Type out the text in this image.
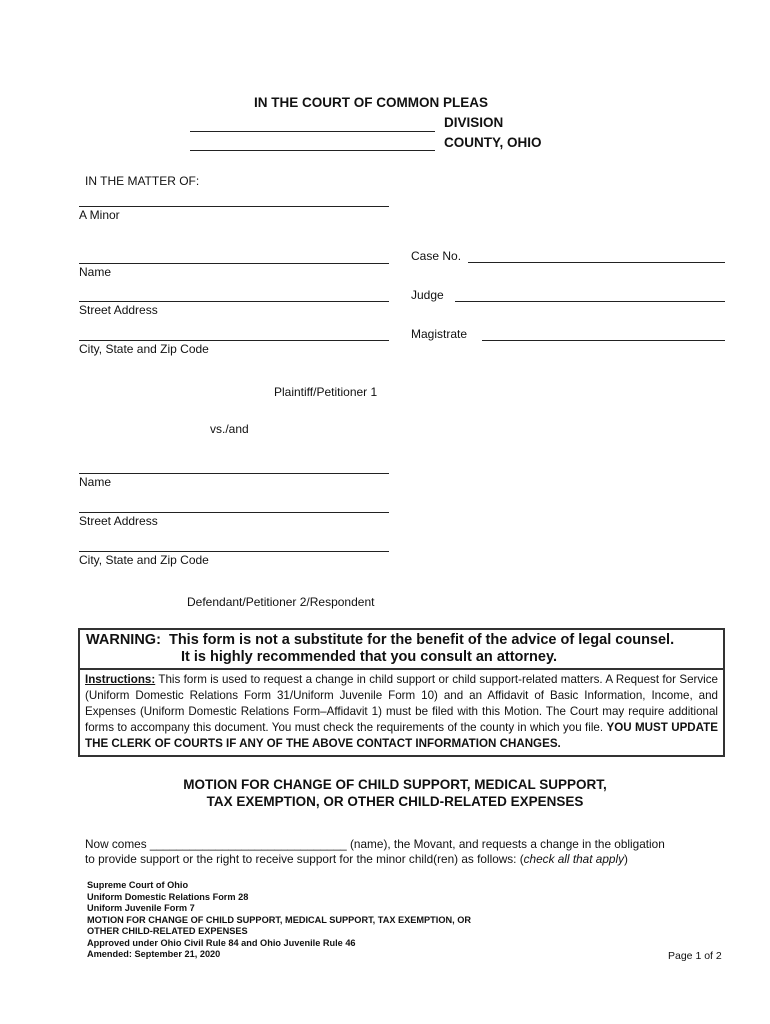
IN THE COURT OF COMMON PLEAS
DIVISION
COUNTY, OHIO
IN THE MATTER OF:
A Minor
Name
Street Address
City, State and Zip Code
Plaintiff/Petitioner 1
Case No.
Judge
Magistrate
vs./and
Name
Street Address
City, State and Zip Code
Defendant/Petitioner 2/Respondent
WARNING:  This form is not a substitute for the benefit of the advice of legal counsel.
It is highly recommended that you consult an attorney.
Instructions: This form is used to request a change in child support or child support-related matters. A Request for Service (Uniform Domestic Relations Form 31/Uniform Juvenile Form 10) and an Affidavit of Basic Information, Income, and Expenses (Uniform Domestic Relations Form–Affidavit 1) must be filed with this Motion. The Court may require additional forms to accompany this document. You must check the requirements of the county in which you file. YOU MUST UPDATE THE CLERK OF COURTS IF ANY OF THE ABOVE CONTACT INFORMATION CHANGES.
MOTION FOR CHANGE OF CHILD SUPPORT, MEDICAL SUPPORT,
TAX EXEMPTION, OR OTHER CHILD-RELATED EXPENSES
Now comes ______________________________ (name), the Movant, and requests a change in the obligation
to provide support or the right to receive support for the minor child(ren) as follows: (check all that apply)
Supreme Court of Ohio
Uniform Domestic Relations Form 28
Uniform Juvenile Form 7
MOTION FOR CHANGE OF CHILD SUPPORT, MEDICAL SUPPORT, TAX EXEMPTION, OR
OTHER CHILD-RELATED EXPENSES
Approved under Ohio Civil Rule 84 and Ohio Juvenile Rule 46
Amended: September 21, 2020	Page 1 of 2
